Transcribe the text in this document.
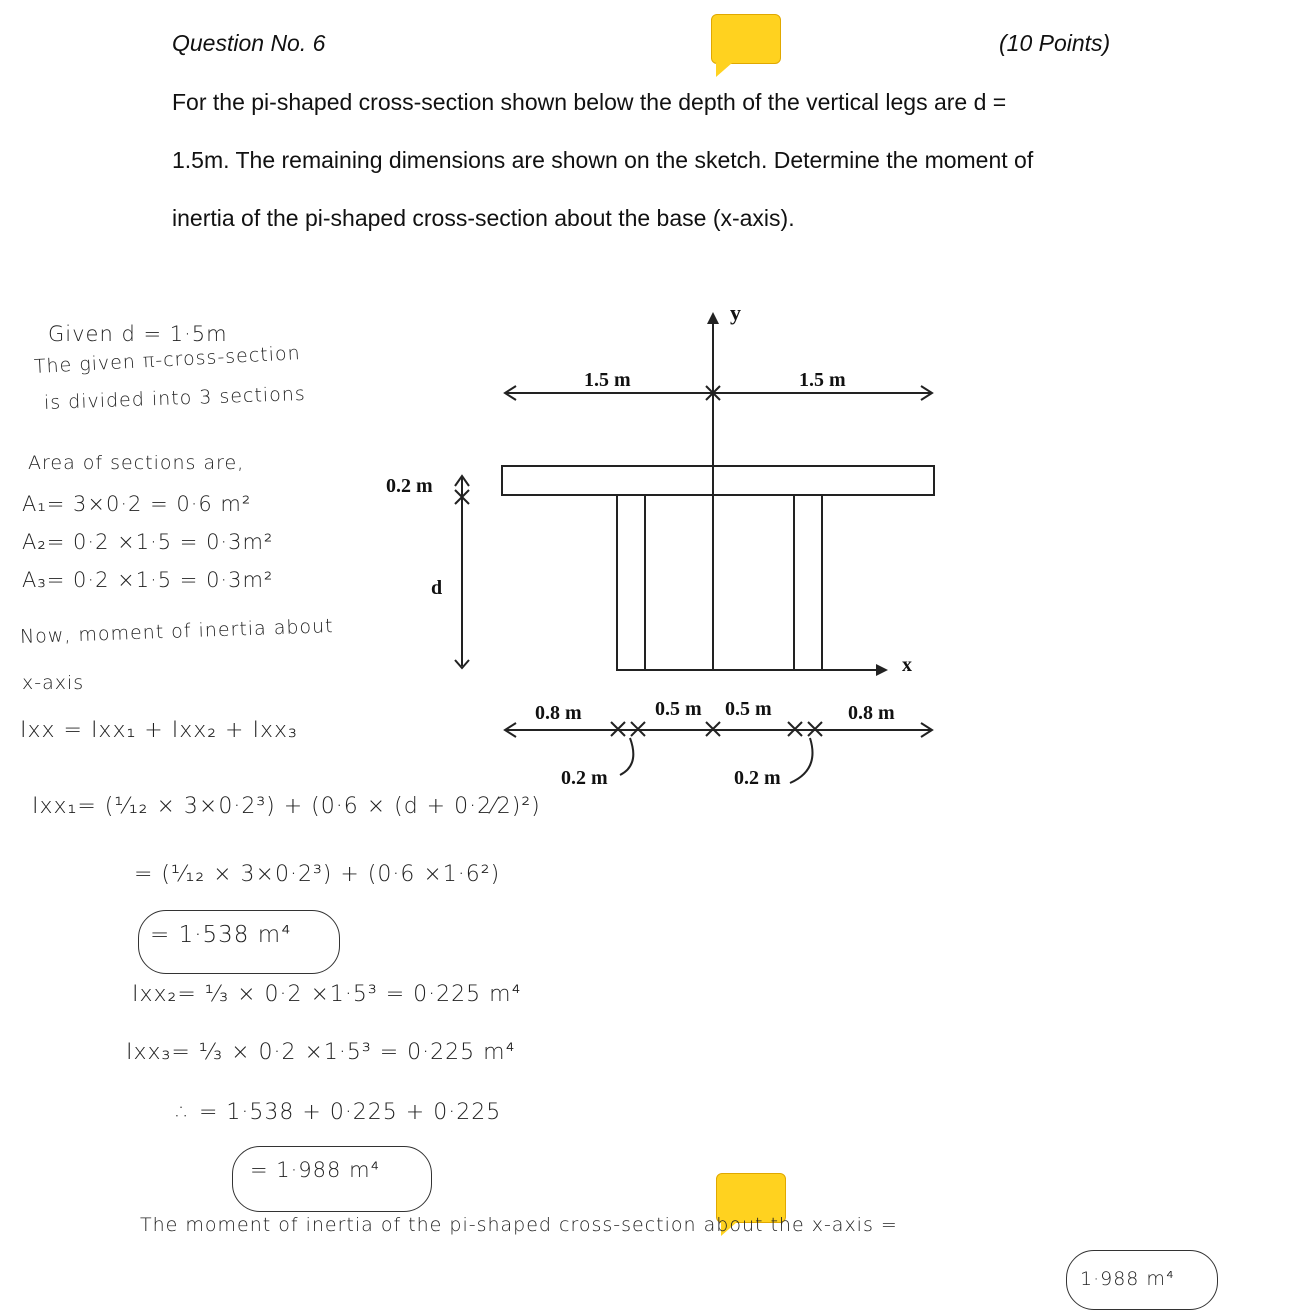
Question No. 6	(10 Points)
For the pi-shaped cross-section shown below the depth of the vertical legs are d =
1.5m. The remaining dimensions are shown on the sketch. Determine the moment of
inertia of the pi-shaped cross-section about the base (x-axis).
y
x
1.5 m	1.5 m
0.2 m
d
0.8 m	0.5 m 0.5 m	0.8 m
0.2 m	0.2 m
Given d = 1·5m
The given π-cross-section
is divided into 3 sections
Area of sections are,
A₁= 3×0·2 = 0·6 m²
A₂= 0·2 ×1·5 = 0·3m²
A₃= 0·2 ×1·5 = 0·3m²
Now, moment of inertia about
x-axis
Ixx = Ixx₁ + Ixx₂ + Ixx₃
Ixx₁= (¹⁄₁₂ × 3×0·2³) + (0·6 × (d + 0·2⁄2)²)
= (¹⁄₁₂ × 3×0·2³) + (0·6 ×1·6²)
= 1·538 m⁴
Ixx₂= ¹⁄₃ × 0·2 ×1·5³ = 0·225 m⁴
Ixx₃= ¹⁄₃ × 0·2 ×1·5³ = 0·225 m⁴
∴ = 1·538 + 0·225 + 0·225
= 1·988 m⁴
The moment of inertia of the pi-shaped cross-section about the x-axis =
1·988 m⁴
